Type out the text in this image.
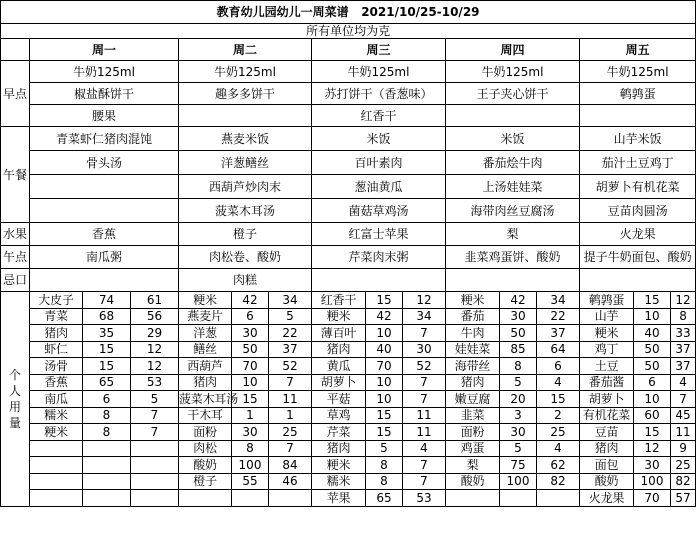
教育幼儿园幼儿一周菜谱 2021/10/25-10/29																
所有单位均为克																
	周一			周二			周三			周四			周五			
早点	牛奶125ml			牛奶125ml			牛奶125ml			牛奶125ml			牛奶125ml			
	椒盐酥饼干			趣多多饼干			苏打饼干（香葱味）			王子夹心饼干			鹌鹑蛋			
	腰果						红香干									
午餐	青菜虾仁猪肉混饨			燕麦米饭			米饭			米饭			山芋米饭			
	骨头汤			洋葱鳝丝			百叶素肉			番茄烩牛肉			茄汁土豆鸡丁			
				西葫芦炒肉末			葱油黄瓜			上汤娃娃菜			胡萝卜有机花菜			
				菠菜木耳汤			菌菇草鸡汤			海带肉丝豆腐汤			豆苗肉圆汤			
水果	香蕉			橙子			红富士苹果			梨			火龙果			
午点	南瓜粥			肉松卷、酸奶			芹菜肉末粥			韭菜鸡蛋饼、酸奶			提子牛奶面包、酸奶			
忌口				肉糕												

个人用量	大皮子	74	61	粳米	42	34	红香干	15	12	粳米	42	34	鹌鹑蛋	15	12	
	青菜	68	56	燕麦片	6	5	粳米	42	34	番茄	30	22	山芋	10	8	
	猪肉	35	29	洋葱	30	22	薄百叶	10	7	牛肉	50	37	粳米	40	33	
	虾仁	15	12	鳝丝	50	37	猪肉	40	30	娃娃菜	85	64	鸡丁	50	37	
	汤骨	15	12	西葫芦	70	52	黄瓜	70	52	海带丝	8	6	土豆	50	37	
	香蕉	65	53	猪肉	10	7	胡萝卜	10	7	猪肉	5	4	番茄酱	6	4	
	南瓜	6	5	菠菜木耳汤	15	11	平菇	10	7	嫩豆腐	20	15	胡萝卜	10	7	
	糯米	8	7	干木耳	1	1	草鸡	15	11	韭菜	3	2	有机花菜	60	45	
	粳米	8	7	面粉	30	25	芹菜	15	11	面粉	30	25	豆苗	15	11	
				肉松	8	7	猪肉	5	4	鸡蛋	5	4	猪肉	12	9	
				酸奶	100	84	粳米	8	7	梨	75	62	面包	30	25	
				橙子	55	46	糯米	8	7	酸奶	100	82	酸奶	100	82	
							苹果	65	53				火龙果	70	57	
